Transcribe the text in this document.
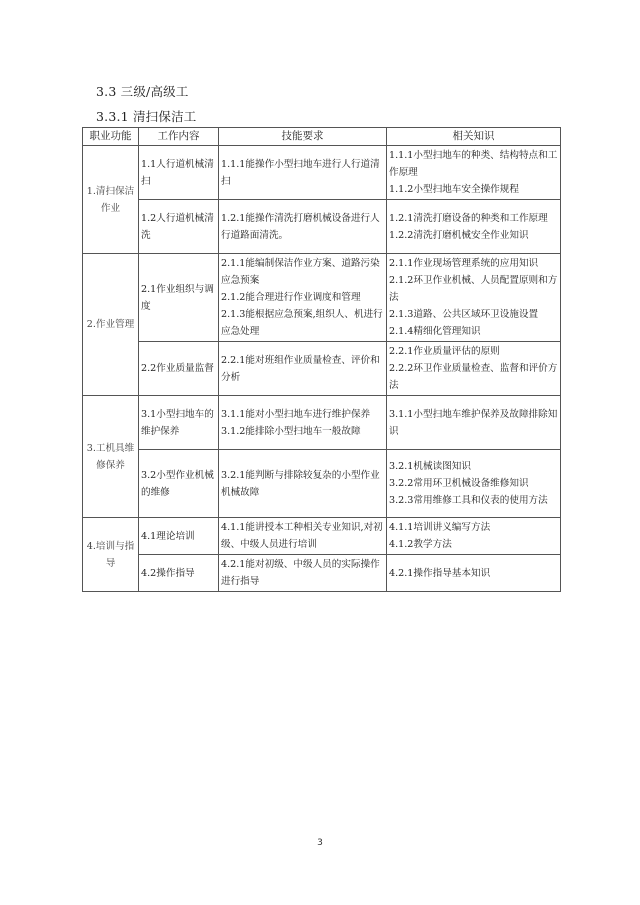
3.3 三级/高级工
3.3.1 清扫保洁工
职业功能	工作内容	技能要求	相关知识
1.清扫保洁作业	1.1人行道机械清扫	1.1.1能操作小型扫地车进行人行道清扫	1.1.1小型扫地车的种类、结构特点和工作原理
1.1.2小型扫地车安全操作规程

	1.2人行道机械清洗	1.2.1能操作清洗打磨机械设备进行人行道路面清洗。	1.2.1清洗打磨设备的种类和工作原理
1.2.2清洗打磨机械安全作业知识

2.作业管理	2.1作业组织与调度	2.1.1能编制保洁作业方案、道路污染应急预案
2.1.2能合理进行作业调度和管理
2.1.3能根据应急预案,组织人、机进行应急处理	2.1.1作业现场管理系统的应用知识
2.1.2环卫作业机械、人员配置原则和方法
2.1.3道路、公共区域环卫设施设置
2.1.4精细化管理知识

	2.2作业质量监督	2.2.1能对班组作业质量检查、评价和分析	2.2.1作业质量评估的原则
2.2.2环卫作业质量检查、监督和评价方法

3.工机具维修保养	3.1小型扫地车的维护保养	3.1.1能对小型扫地车进行维护保养
3.1.2能排除小型扫地车一般故障	3.1.1小型扫地车维护保养及故障排除知识

	3.2小型作业机械的维修	3.2.1能判断与排除较复杂的小型作业机械故障	3.2.1机械读图知识
3.2.2常用环卫机械设备维修知识
3.2.3常用维修工具和仪表的使用方法

4.培训与指导	4.1理论培训	4.1.1能讲授本工种相关专业知识,对初级、中级人员进行培训	4.1.1培训讲义编写方法
4.1.2教学方法

	4.2操作指导	4.2.1能对初级、中级人员的实际操作进行指导	4.2.1操作指导基本知识
3
